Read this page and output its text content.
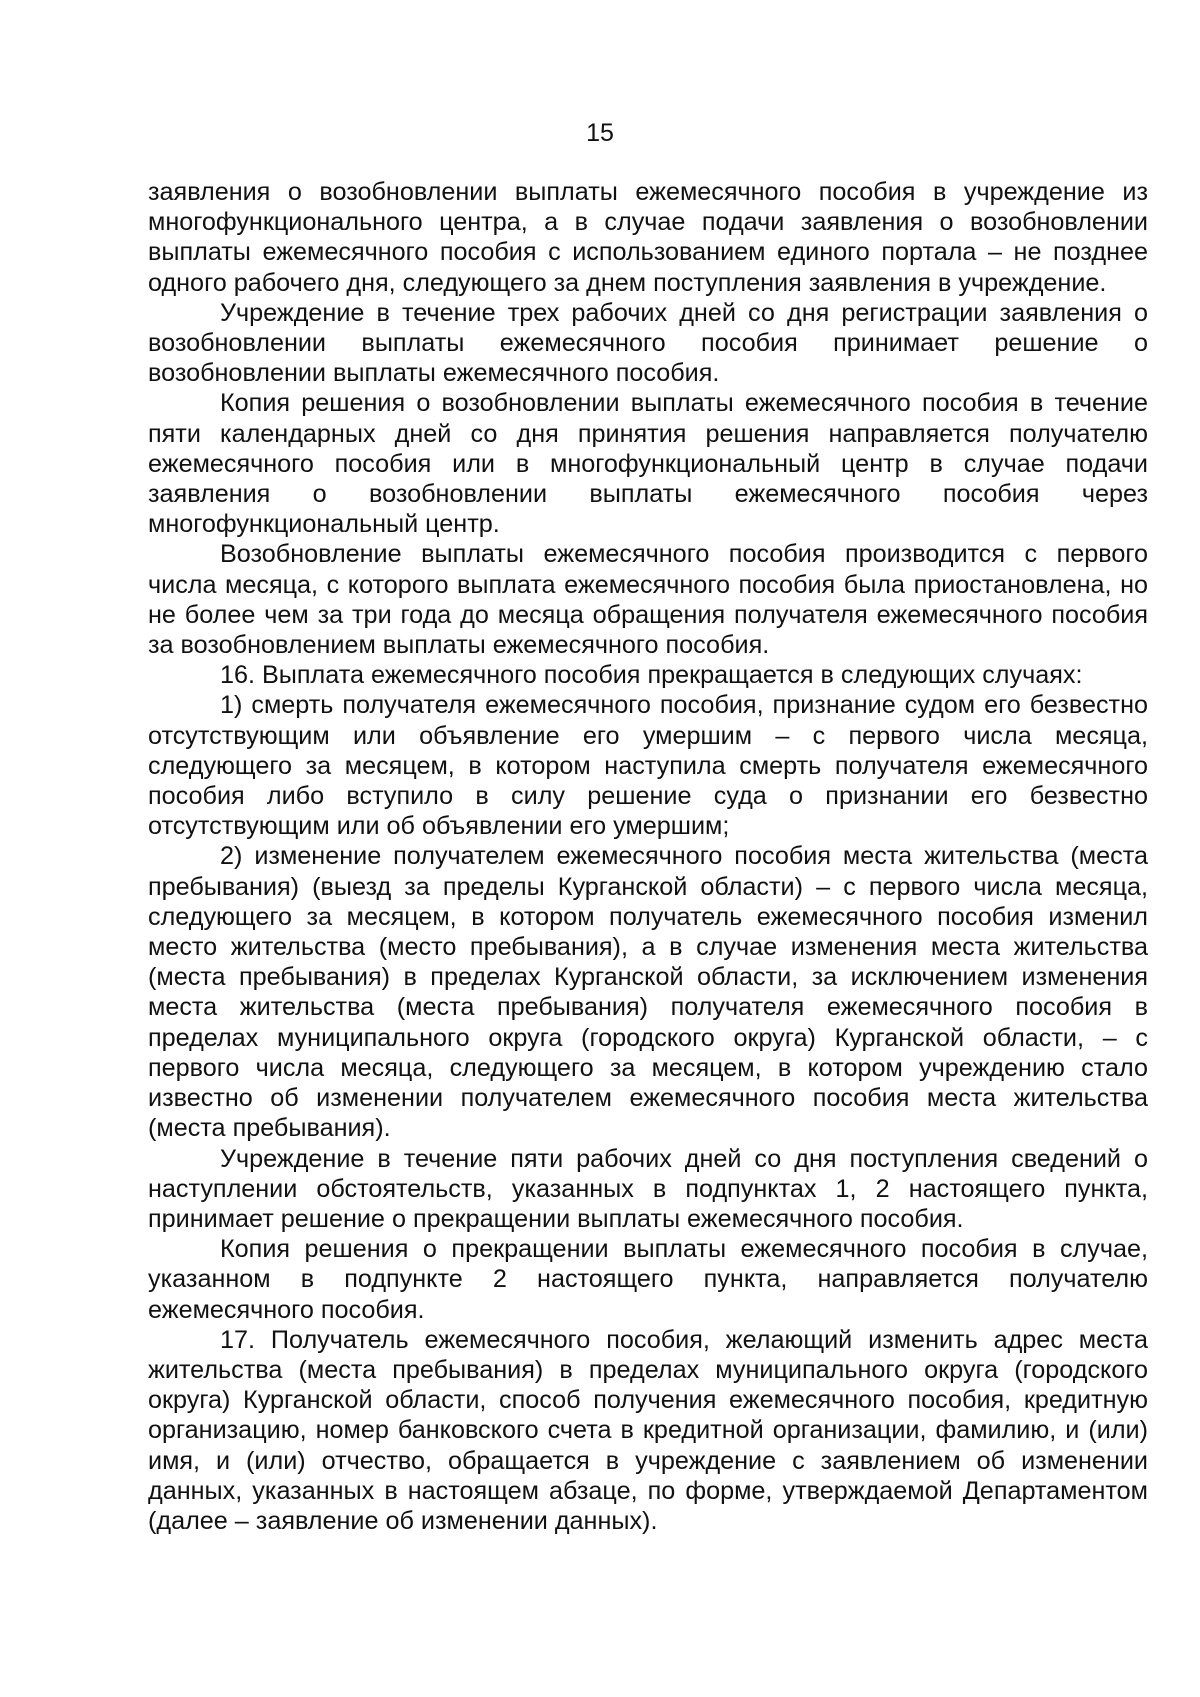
15

заявления о возобновлении выплаты ежемесячного пособия в учреждение из многофункционального центра, а в случае подачи заявления о возобновлении выплаты ежемесячного пособия с использованием единого портала – не позднее одного рабочего дня, следующего за днем поступления заявления в учреждение.

Учреждение в течение трех рабочих дней со дня регистрации заявления о возобновлении выплаты ежемесячного пособия принимает решение о возобновлении выплаты ежемесячного пособия.

Копия решения о возобновлении выплаты ежемесячного пособия в течение пяти календарных дней со дня принятия решения направляется получателю ежемесячного пособия или в многофункциональный центр в случае подачи заявления о возобновлении выплаты ежемесячного пособия через многофункциональный центр.

Возобновление выплаты ежемесячного пособия производится с первого числа месяца, с которого выплата ежемесячного пособия была приостановлена, но не более чем за три года до месяца обращения получателя ежемесячного пособия за возобновлением выплаты ежемесячного пособия.

16. Выплата ежемесячного пособия прекращается в следующих случаях:

1) смерть получателя ежемесячного пособия, признание судом его безвестно отсутствующим или объявление его умершим – с первого числа месяца, следующего за месяцем, в котором наступила смерть получателя ежемесячного пособия либо вступило в силу решение суда о признании его безвестно отсутствующим или об объявлении его умершим;

2) изменение получателем ежемесячного пособия места жительства (места пребывания) (выезд за пределы Курганской области) – с первого числа месяца, следующего за месяцем, в котором получатель ежемесячного пособия изменил место жительства (место пребывания), а в случае изменения места жительства (места пребывания) в пределах Курганской области, за исключением изменения места жительства (места пребывания) получателя ежемесячного пособия в пределах муниципального округа (городского округа) Курганской области, – с первого числа месяца, следующего за месяцем, в котором учреждению стало известно об изменении получателем ежемесячного пособия места жительства (места пребывания).

Учреждение в течение пяти рабочих дней со дня поступления сведений о наступлении обстоятельств, указанных в подпунктах 1, 2 настоящего пункта, принимает решение о прекращении выплаты ежемесячного пособия.

Копия решения о прекращении выплаты ежемесячного пособия в случае, указанном в подпункте 2 настоящего пункта, направляется получателю ежемесячного пособия.

17. Получатель ежемесячного пособия, желающий изменить адрес места жительства (места пребывания) в пределах муниципального округа (городского округа) Курганской области, способ получения ежемесячного пособия, кредитную организацию, номер банковского счета в кредитной организации, фамилию, и (или) имя, и (или) отчество, обращается в учреждение с заявлением об изменении данных, указанных в настоящем абзаце, по форме, утверждаемой Департаментом (далее – заявление об изменении данных).
